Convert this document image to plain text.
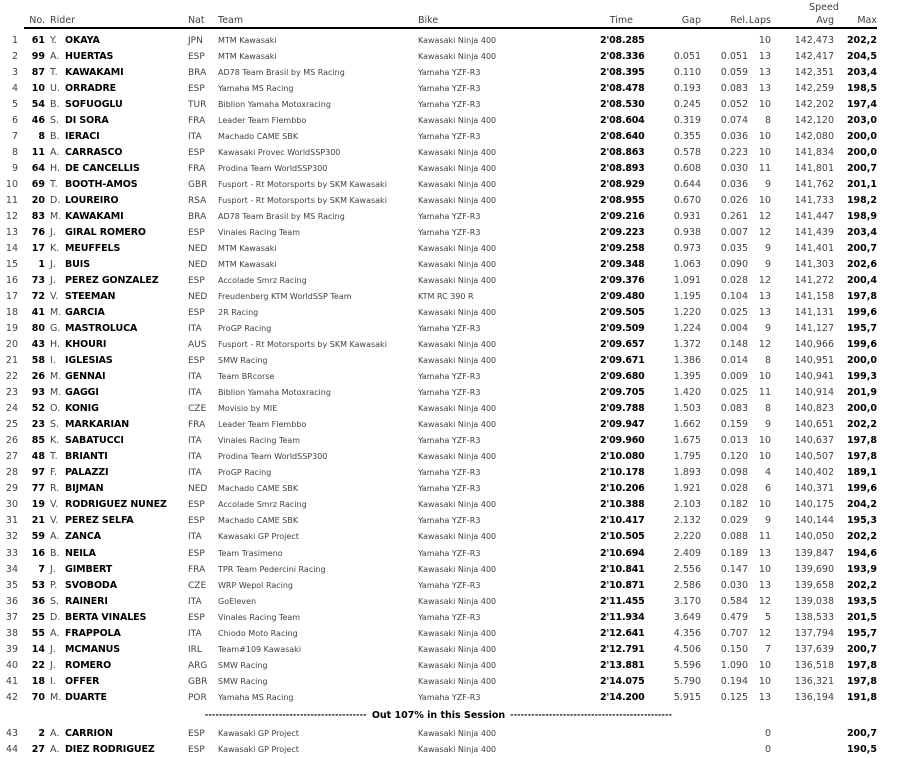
											Speed	
	No.	Rider		Nat	Team	Bike	Time	Gap	Rel.	Laps	Avg	Max
1	61	Y.	OKAYA	JPN	MTM Kawasaki	Kawasaki Ninja 400	2'08.285			10	142,473	202,2
2	99	A.	HUERTAS	ESP	MTM Kawasaki	Kawasaki Ninja 400	2'08.336	0.051	0.051	13	142,417	204,5
3	87	T.	KAWAKAMI	BRA	AD78 Team Brasil by MS Racing	Yamaha YZF-R3	2'08.395	0.110	0.059	13	142,351	203,4
4	10	U.	ORRADRE	ESP	Yamaha MS Racing	Yamaha YZF-R3	2'08.478	0.193	0.083	13	142,259	198,5
5	54	B.	SOFUOGLU	TUR	Biblion Yamaha Motoxracing	Yamaha YZF-R3	2'08.530	0.245	0.052	10	142,202	197,4
6	46	S.	DI SORA	FRA	Leader Team Flembbo	Kawasaki Ninja 400	2'08.604	0.319	0.074	8	142,120	203,0
7	8	B.	IERACI	ITA	Machado CAME SBK	Yamaha YZF-R3	2'08.640	0.355	0.036	10	142,080	200,0
8	11	A.	CARRASCO	ESP	Kawasaki Provec WorldSSP300	Kawasaki Ninja 400	2'08.863	0.578	0.223	10	141,834	200,0
9	64	H.	DE CANCELLIS	FRA	Prodina Team WorldSSP300	Kawasaki Ninja 400	2'08.893	0.608	0.030	11	141,801	200,7
10	69	T.	BOOTH-AMOS	GBR	Fusport - Rt Motorsports by SKM Kawasaki	Kawasaki Ninja 400	2'08.929	0.644	0.036	9	141,762	201,1
11	20	D.	LOUREIRO	RSA	Fusport - Rt Motorsports by SKM Kawasaki	Kawasaki Ninja 400	2'08.955	0.670	0.026	10	141,733	198,2
12	83	M.	KAWAKAMI	BRA	AD78 Team Brasil by MS Racing	Yamaha YZF-R3	2'09.216	0.931	0.261	12	141,447	198,9
13	76	J.	GIRAL ROMERO	ESP	Vinales Racing Team	Yamaha YZF-R3	2'09.223	0.938	0.007	12	141,439	203,4
14	17	K.	MEUFFELS	NED	MTM Kawasaki	Kawasaki Ninja 400	2'09.258	0.973	0.035	9	141,401	200,7
15	1	J.	BUIS	NED	MTM Kawasaki	Kawasaki Ninja 400	2'09.348	1.063	0.090	9	141,303	202,6
16	73	J.	PEREZ GONZALEZ	ESP	Accolade Smrz Racing	Kawasaki Ninja 400	2'09.376	1.091	0.028	12	141,272	200,4
17	72	V.	STEEMAN	NED	Freudenberg KTM WorldSSP Team	KTM RC 390 R	2'09.480	1.195	0.104	13	141,158	197,8
18	41	M.	GARCIA	ESP	2R Racing	Kawasaki Ninja 400	2'09.505	1.220	0.025	13	141,131	199,6
19	80	G.	MASTROLUCA	ITA	ProGP Racing	Yamaha YZF-R3	2'09.509	1.224	0.004	9	141,127	195,7
20	43	H.	KHOURI	AUS	Fusport - Rt Motorsports by SKM Kawasaki	Kawasaki Ninja 400	2'09.657	1.372	0.148	12	140,966	199,6
21	58	I.	IGLESIAS	ESP	SMW Racing	Kawasaki Ninja 400	2'09.671	1.386	0.014	8	140,951	200,0
22	26	M.	GENNAI	ITA	Team BRcorse	Yamaha YZF-R3	2'09.680	1.395	0.009	10	140,941	199,3
23	93	M.	GAGGI	ITA	Biblion Yamaha Motoxracing	Yamaha YZF-R3	2'09.705	1.420	0.025	11	140,914	201,9
24	52	O.	KONIG	CZE	Movisio by MIE	Kawasaki Ninja 400	2'09.788	1.503	0.083	8	140,823	200,0
25	23	S.	MARKARIAN	FRA	Leader Team Flembbo	Kawasaki Ninja 400	2'09.947	1.662	0.159	9	140,651	202,2
26	85	K.	SABATUCCI	ITA	Vinales Racing Team	Yamaha YZF-R3	2'09.960	1.675	0.013	10	140,637	197,8
27	48	T.	BRIANTI	ITA	Prodina Team WorldSSP300	Kawasaki Ninja 400	2'10.080	1.795	0.120	10	140,507	197,8
28	97	F.	PALAZZI	ITA	ProGP Racing	Yamaha YZF-R3	2'10.178	1.893	0.098	4	140,402	189,1
29	77	R.	BIJMAN	NED	Machado CAME SBK	Yamaha YZF-R3	2'10.206	1.921	0.028	6	140,371	199,6
30	19	V.	RODRIGUEZ NUNEZ	ESP	Accolade Smrz Racing	Kawasaki Ninja 400	2'10.388	2.103	0.182	10	140,175	204,2
31	21	V.	PEREZ SELFA	ESP	Machado CAME SBK	Yamaha YZF-R3	2'10.417	2.132	0.029	9	140,144	195,3
32	59	A.	ZANCA	ITA	Kawasaki GP Project	Kawasaki Ninja 400	2'10.505	2.220	0.088	11	140,050	202,2
33	16	B.	NEILA	ESP	Team Trasimeno	Yamaha YZF-R3	2'10.694	2.409	0.189	13	139,847	194,6
34	7	J.	GIMBERT	FRA	TPR Team Pedercini Racing	Kawasaki Ninja 400	2'10.841	2.556	0.147	10	139,690	193,9
35	53	P.	SVOBODA	CZE	WRP Wepol Racing	Yamaha YZF-R3	2'10.871	2.586	0.030	13	139,658	202,2
36	36	S.	RAINERI	ITA	GoEleven	Kawasaki Ninja 400	2'11.455	3.170	0.584	12	139,038	193,5
37	25	D.	BERTA VINALES	ESP	Vinales Racing Team	Yamaha YZF-R3	2'11.934	3.649	0.479	5	138,533	201,5
38	55	A.	FRAPPOLA	ITA	Chiodo Moto Racing	Kawasaki Ninja 400	2'12.641	4.356	0.707	12	137,794	195,7
39	14	J.	MCMANUS	IRL	Team#109 Kawasaki	Kawasaki Ninja 400	2'12.791	4.506	0.150	7	137,639	200,7
40	22	J.	ROMERO	ARG	SMW Racing	Kawasaki Ninja 400	2'13.881	5.596	1.090	10	136,518	197,8
41	18	I.	OFFER	GBR	SMW Racing	Kawasaki Ninja 400	2'14.075	5.790	0.194	10	136,321	197,8
42	70	M.	DUARTE	POR	Yamaha MS Racing	Yamaha YZF-R3	2'14.200	5.915	0.125	13	136,194	191,8
---------------------------------------------- Out 107% in this Session ----------------------------------------------												
43	2	A.	CARRION	ESP	Kawasaki GP Project	Kawasaki Ninja 400				0		200,7
44	27	A.	DIEZ RODRIGUEZ	ESP	Kawasaki GP Project	Kawasaki Ninja 400				0		190,5
